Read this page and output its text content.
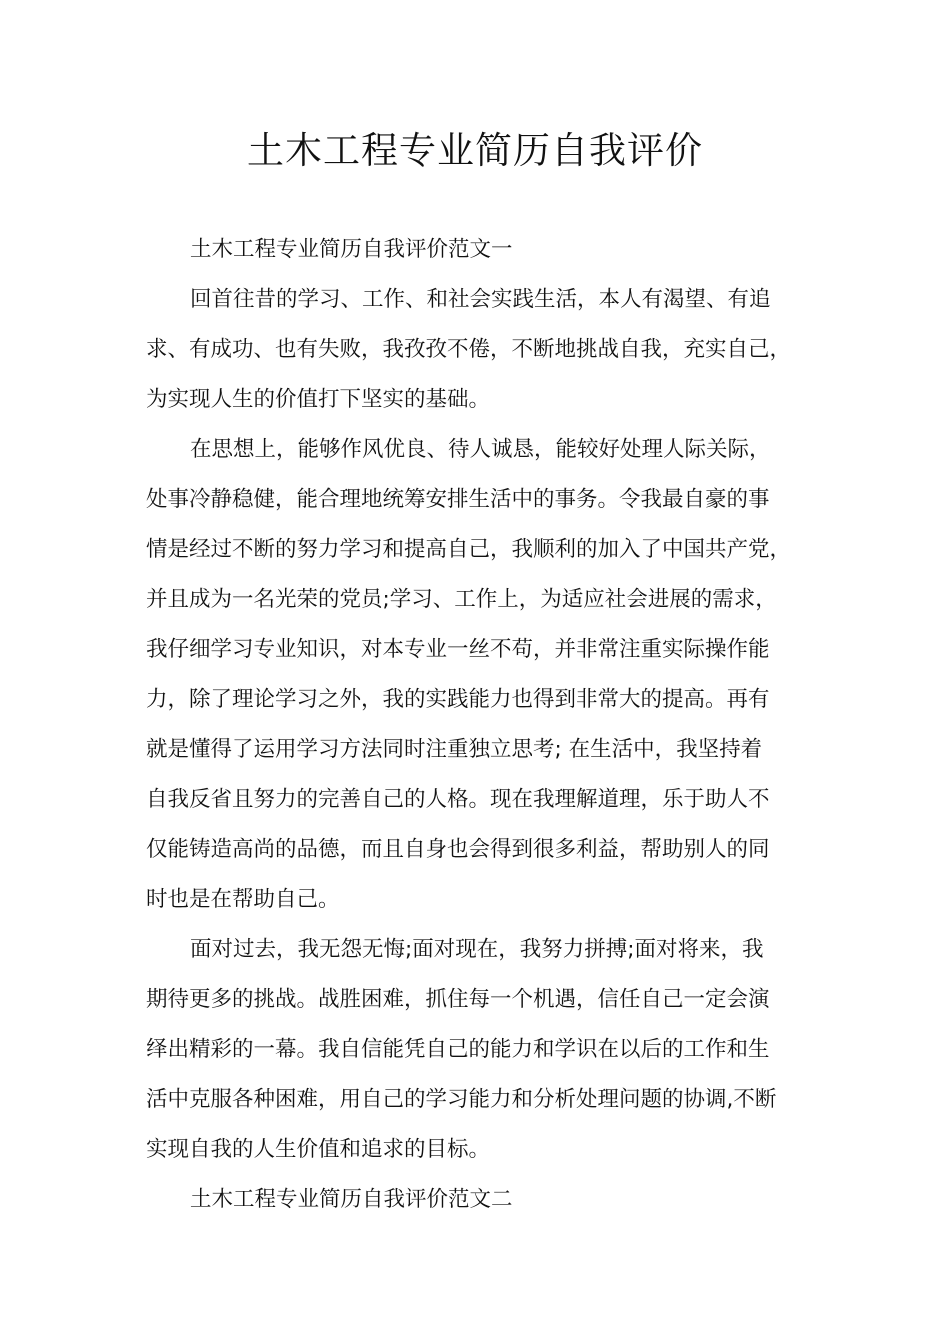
土木工程专业简历自我评价
土木工程专业简历自我评价范文一
回首往昔的学习、工作、和社会实践生活，本人有渴望、有追
求、有成功、也有失败，我孜孜不倦，不断地挑战自我，充实自己，
为实现人生的价值打下坚实的基础。
在思想上，能够作风优良、待人诚恳，能较好处理人际关际，
处事冷静稳健，能合理地统筹安排生活中的事务。令我最自豪的事
情是经过不断的努力学习和提高自己，我顺利的加入了中国共产党，
并且成为一名光荣的党员;学习、工作上，为适应社会进展的需求，
我仔细学习专业知识，对本专业一丝不苟，并非常注重实际操作能
力，除了理论学习之外，我的实践能力也得到非常大的提高。再有
就是懂得了运用学习方法同时注重独立思考; 在生活中，我坚持着
自我反省且努力的完善自己的人格。现在我理解道理，乐于助人不
仅能铸造高尚的品德，而且自身也会得到很多利益，帮助别人的同
时也是在帮助自己。
面对过去，我无怨无悔;面对现在，我努力拼搏;面对将来，我
期待更多的挑战。战胜困难，抓住每一个机遇，信任自己一定会演
绎出精彩的一幕。我自信能凭自己的能力和学识在以后的工作和生
活中克服各种困难，用自己的学习能力和分析处理问题的协调,不断
实现自我的人生价值和追求的目标。
土木工程专业简历自我评价范文二
